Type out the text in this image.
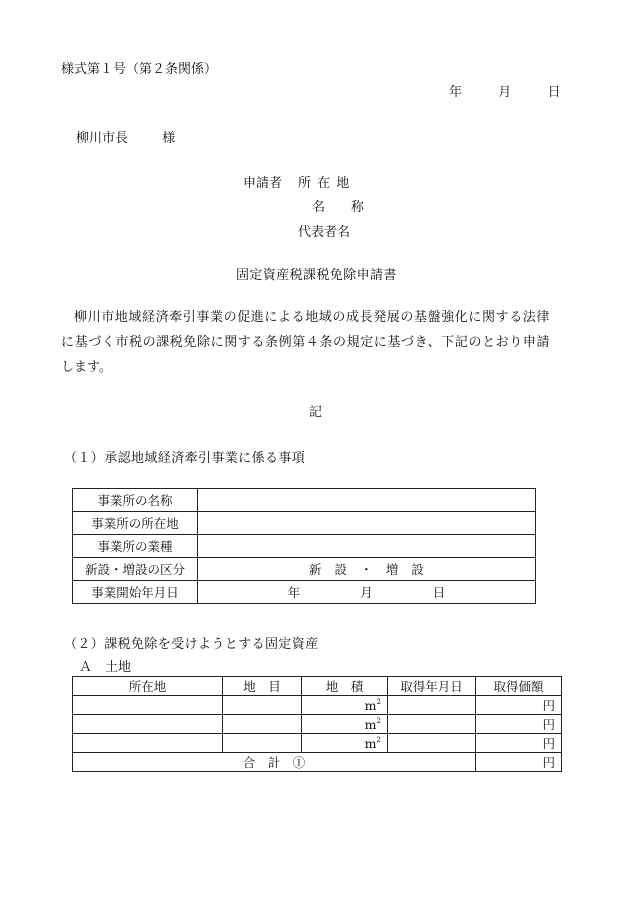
様式第１号（第２条関係）
年	月	日
柳川市長	様
申請者 所 在 地
名　　称
代表者名
固定資産税課税免除申請書
柳川市地域経済牽引事業の促進による地域の成長発展の基盤強化に関する法律
に基づく市税の課税免除に関する条例第４条の規定に基づき、下記のとおり申請
します。
記
（１）承認地域経済牽引事業に係る事項
事業所の名称	
事業所の所在地	
事業所の業種	
新設・増設の区分	新　設　・　増　設
事業開始年月日	年 月 日
（２）課税免除を受けようとする固定資産
Ａ　土地
所在地	地　目	地　積	取得年月日	取得価額
		$m^2$		円
		$m^2$		円
		$m^2$		円
合　計　①				円
